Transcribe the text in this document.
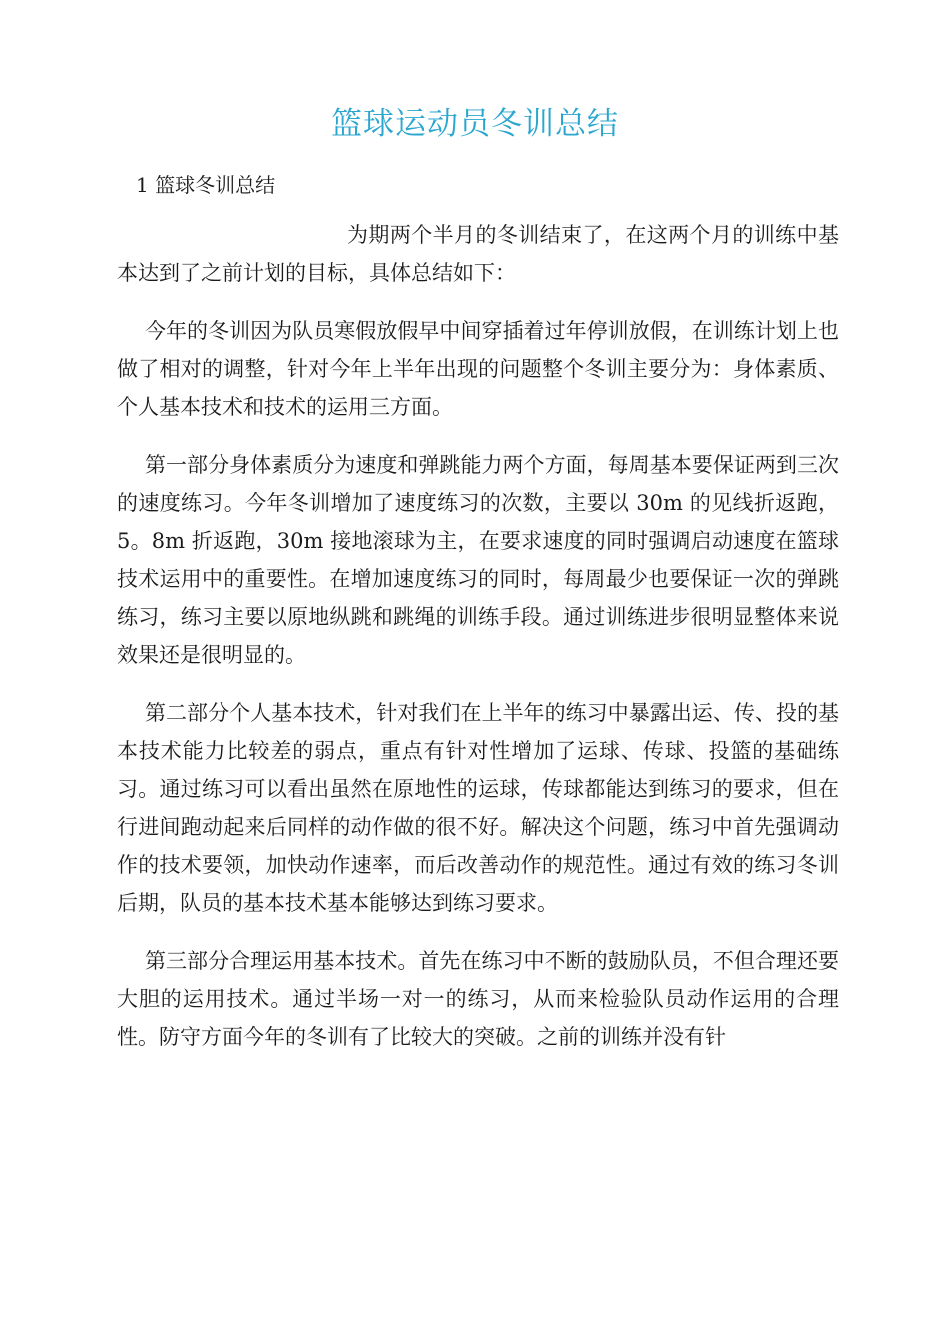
篮球运动员冬训总结
1 篮球冬训总结

为期两个半月的冬训结束了，在这两个月的训练中基本达到了之前计划的目标，具体总结如下：

今年的冬训因为队员寒假放假早中间穿插着过年停训放假，在训练计划上也做了相对的调整，针对今年上半年出现的问题整个冬训主要分为：身体素质、个人基本技术和技术的运用三方面。

第一部分身体素质分为速度和弹跳能力两个方面，每周基本要保证两到三次的速度练习。今年冬训增加了速度练习的次数，主要以 30m 的见线折返跑，5。8m 折返跑，30m 接地滚球为主，在要求速度的同时强调启动速度在篮球技术运用中的重要性。在增加速度练习的同时，每周最少也要保证一次的弹跳练习，练习主要以原地纵跳和跳绳的训练手段。通过训练进步很明显整体来说效果还是很明显的。

第二部分个人基本技术，针对我们在上半年的练习中暴露出运、传、投的基本技术能力比较差的弱点，重点有针对性增加了运球、传球、投篮的基础练习。通过练习可以看出虽然在原地性的运球，传球都能达到练习的要求，但在行进间跑动起来后同样的动作做的很不好。解决这个问题，练习中首先强调动作的技术要领，加快动作速率，而后改善动作的规范性。通过有效的练习冬训后期，队员的基本技术基本能够达到练习要求。

第三部分合理运用基本技术。首先在练习中不断的鼓励队员，不但合理还要大胆的运用技术。通过半场一对一的练习，从而来检验队员动作运用的合理性。防守方面今年的冬训有了比较大的突破。之前的训练并没有针
